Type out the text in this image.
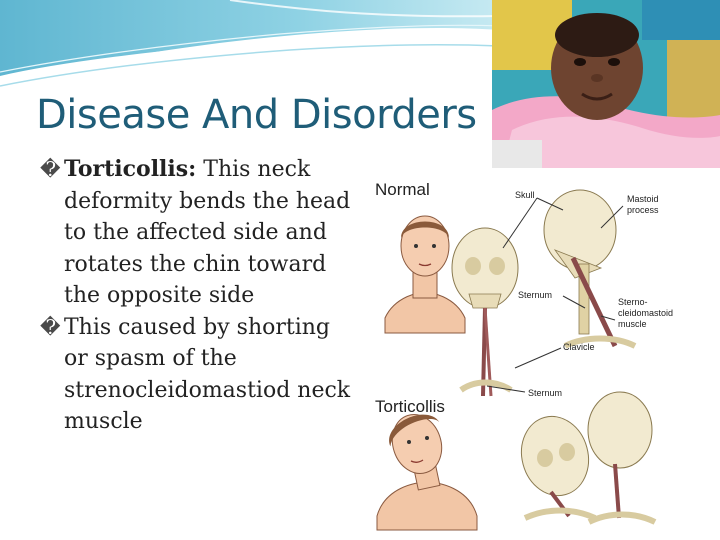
Disease And Disorders
� Torticollis: This neck deformity bends the head to the affected side and rotates the chin toward the opposite side
� This caused by shorting or spasm of the strenocleidomastiod neck muscle
Normal	Skull	Mastoid
process
Sternum
Sterno-
cleidomastoid
muscle
Clavicle
Sternum
Torticollis
